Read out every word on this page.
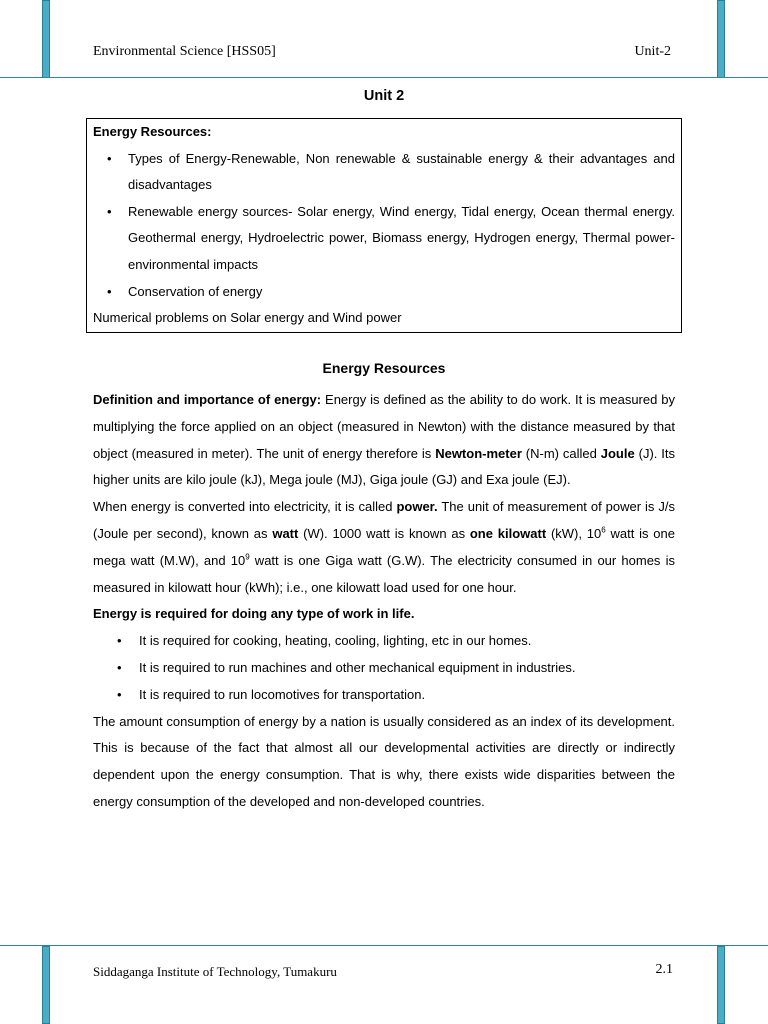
Environmental Science [HSS05]	Unit-2
Unit 2

Energy Resources:

• Types of Energy-Renewable, Non renewable & sustainable energy & their advantages and disadvantages
• Renewable energy sources- Solar energy, Wind energy, Tidal energy, Ocean thermal energy. Geothermal energy, Hydroelectric power, Biomass energy, Hydrogen energy, Thermal power- environmental impacts
• Conservation of energy

Numerical problems on Solar energy and Wind power

Energy Resources

Definition and importance of energy: Energy is defined as the ability to do work. It is measured by multiplying the force applied on an object (measured in Newton) with the distance measured by that object (measured in meter). The unit of energy therefore is Newton-meter (N-m) called Joule (J). Its higher units are kilo joule (kJ), Mega joule (MJ), Giga joule (GJ) and Exa joule (EJ).

When energy is converted into electricity, it is called power. The unit of measurement of power is J/s (Joule per second), known as watt (W). 1000 watt is known as one kilowatt (kW), $10^6$ watt is one mega watt (M.W), and $10^9$ watt is one Giga watt (G.W). The electricity consumed in our homes is measured in kilowatt hour (kWh); i.e., one kilowatt load used for one hour.

Energy is required for doing any type of work in life.

• It is required for cooking, heating, cooling, lighting, etc in our homes.
• It is required to run machines and other mechanical equipment in industries.
• It is required to run locomotives for transportation.

The amount consumption of energy by a nation is usually considered as an index of its development. This is because of the fact that almost all our developmental activities are directly or indirectly dependent upon the energy consumption. That is why, there exists wide disparities between the energy consumption of the developed and non-developed countries.

Siddaganga Institute of Technology, Tumakuru	2.1
